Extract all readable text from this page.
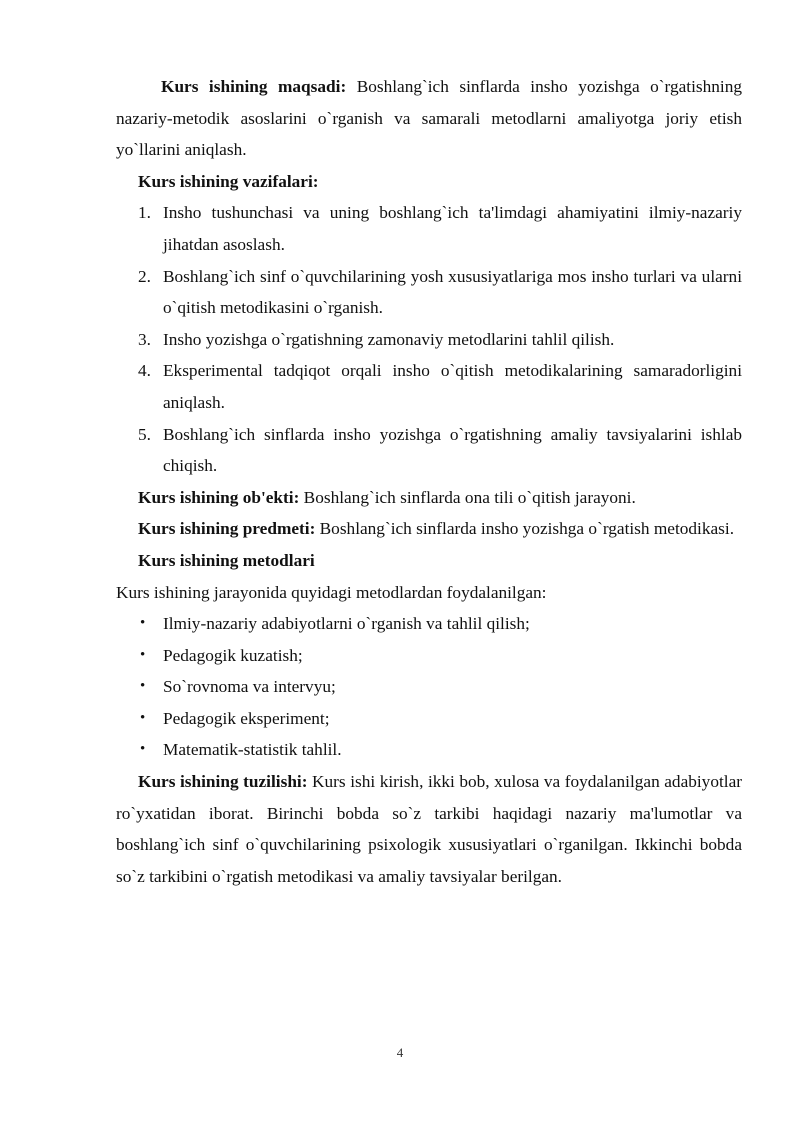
Kurs ishining maqsadi: Boshlang`ich sinflarda insho yozishga o`rgatishning nazariy-metodik asoslarini o`rganish va samarali metodlarni amaliyotga joriy etish yo`llarini aniqlash.

Kurs ishining vazifalari:

1. Insho tushunchasi va uning boshlang`ich ta'limdagi ahamiyatini ilmiy-nazariy jihatdan asoslash.
2. Boshlang`ich sinf o`quvchilarining yosh xususiyatlariga mos insho turlari va ularni o`qitish metodikasini o`rganish.
3. Insho yozishga o`rgatishning zamonaviy metodlarini tahlil qilish.
4. Eksperimental tadqiqot orqali insho o`qitish metodikalarining samaradorligini aniqlash.
5. Boshlang`ich sinflarda insho yozishga o`rgatishning amaliy tavsiyalarini ishlab chiqish.

Kurs ishining ob'ekti: Boshlang`ich sinflarda ona tili o`qitish jarayoni.

Kurs ishining predmeti: Boshlang`ich sinflarda insho yozishga o`rgatish metodikasi.

Kurs ishining metodlari

Kurs ishining jarayonida quyidagi metodlardan foydalanilgan:

• Ilmiy-nazariy adabiyotlarni o`rganish va tahlil qilish;
• Pedagogik kuzatish;
• So`rovnoma va intervyu;
• Pedagogik eksperiment;
• Matematik-statistik tahlil.

Kurs ishining tuzilishi: Kurs ishi kirish, ikki bob, xulosa va foydalanilgan adabiyotlar ro`yxatidan iborat. Birinchi bobda so`z tarkibi haqidagi nazariy ma'lumotlar va boshlang`ich sinf o`quvchilarining psixologik xususiyatlari o`rganilgan. Ikkinchi bobda so`z tarkibini o`rgatish metodikasi va amaliy tavsiyalar berilgan.

4
